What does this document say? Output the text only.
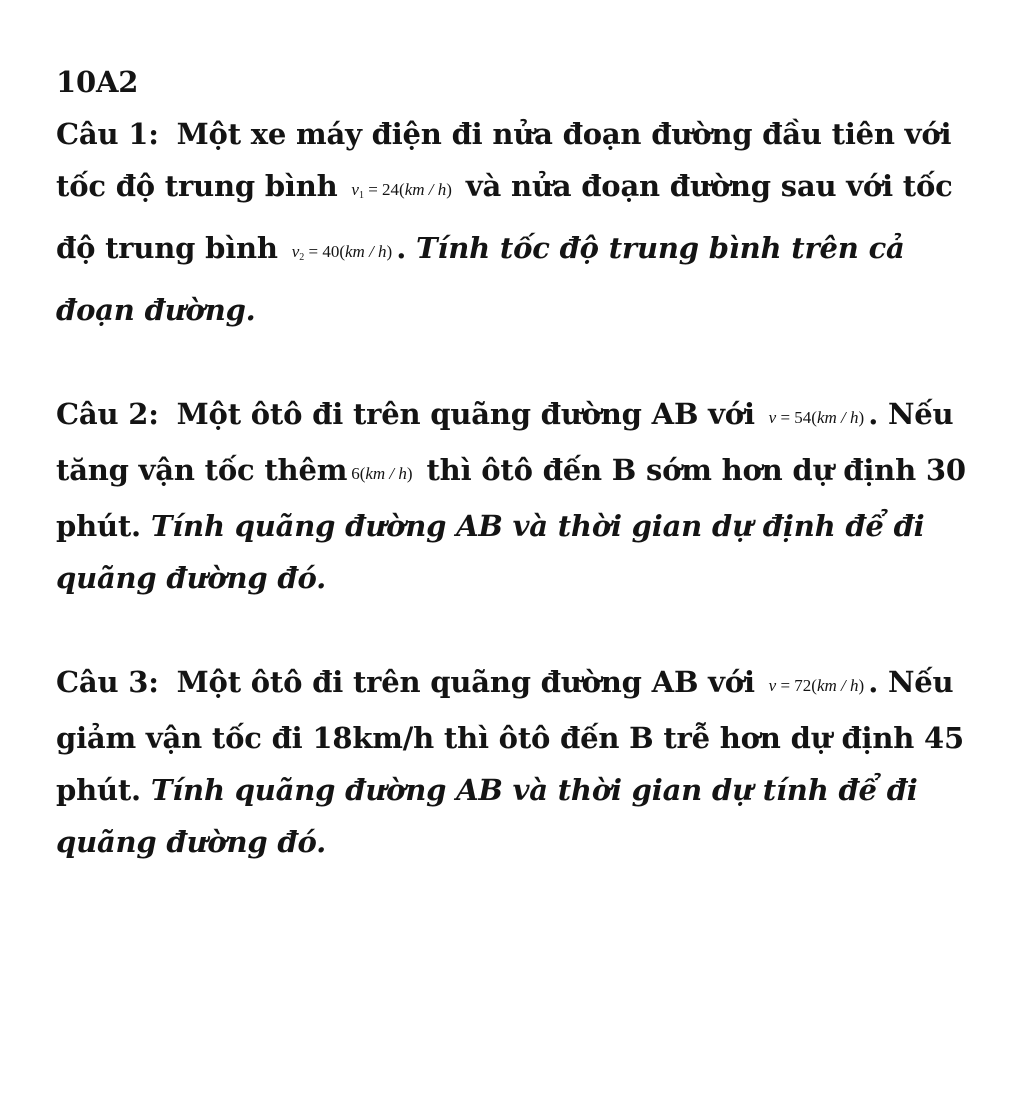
10A2

Câu 1: Một xe máy điện đi nửa đoạn đường đầu tiên với tốc độ trung bình $v_1 = 24(km / h)$ và nửa đoạn đường sau với tốc độ trung bình $v_2 = 40(km / h)$ . Tính tốc độ trung bình trên cả đoạn đường.

Câu 2: Một ôtô đi trên quãng đường AB với v = 54(km / h) . Nếu tăng vận tốc thêm 6(km / h) thì ôtô đến B sớm hơn dự định 30 phút. Tính quãng đường AB và thời gian dự định để đi quãng đường đó.

Câu 3: Một ôtô đi trên quãng đường AB với v = 72(km / h) . Nếu giảm vận tốc đi 18km/h thì ôtô đến B trễ hơn dự định 45 phút. Tính quãng đường AB và thời gian dự tính để đi quãng đường đó.
